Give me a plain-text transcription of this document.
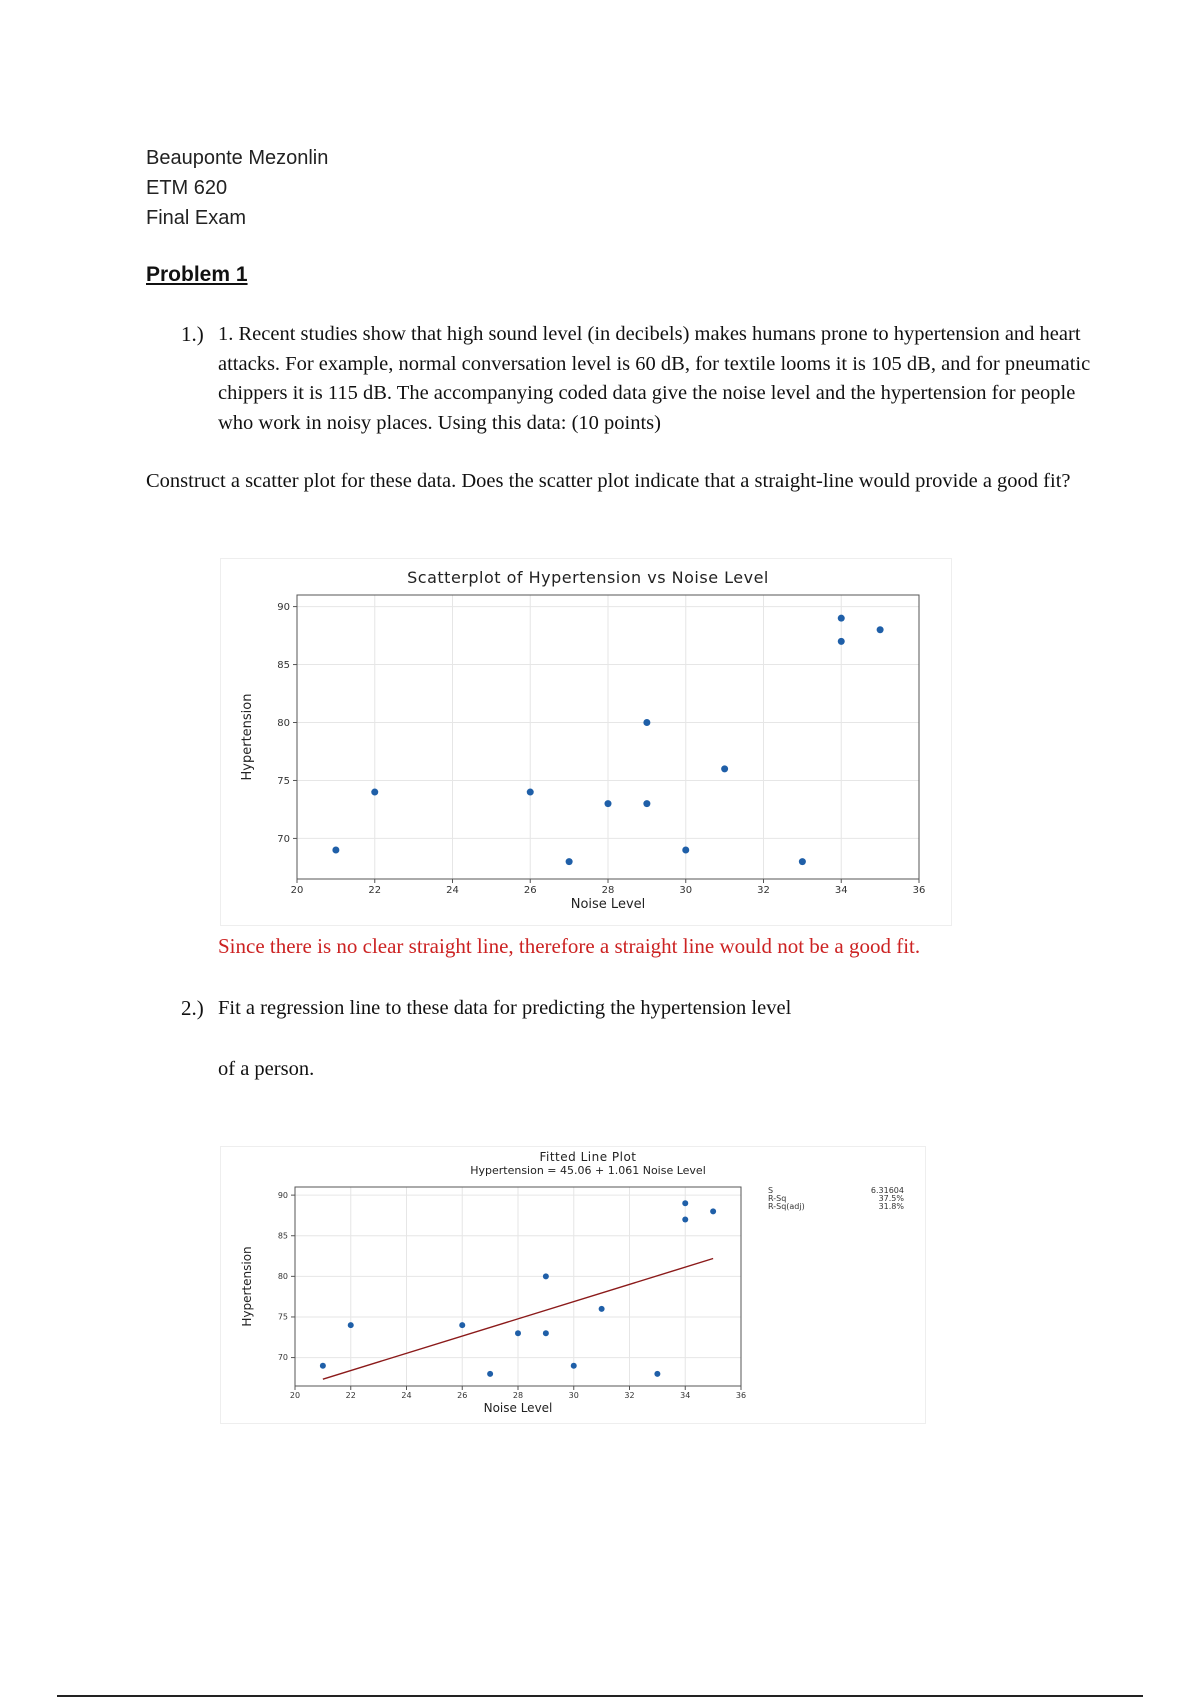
Beauponte Mezonlin
ETM 620
Final Exam
Problem 1
1.) 1. Recent studies show that high sound level (in decibels) makes humans prone to hypertension and heart attacks. For example, normal conversation level is 60 dB, for textile looms it is 105 dB, and for pneumatic chippers it is 115 dB. The accompanying coded data give the noise level and the hypertension for people who work in noisy places. Using this data: (10 points)
Construct a scatter plot for these data. Does the scatter plot indicate that a straight‑line would provide a good fit?
20	22	24	26	28	30	32	34	36
70
75
80
85
90
Scatterplot of Hypertension vs Noise Level
Noise Level
Hypertension
Since there is no clear straight line, therefore a straight line would not be a good fit.
2.) Fit a regression line to these data for predicting the hypertension level
of a person.
20	22	24	26	28	30	32	34	36
70
75
80
85
90
Fitted Line Plot
Hypertension = 45.06 + 1.061 Noise Level
Noise Level
Hypertension
S	6.31604
R-Sq	37.5%
R-Sq(adj)	31.8%
